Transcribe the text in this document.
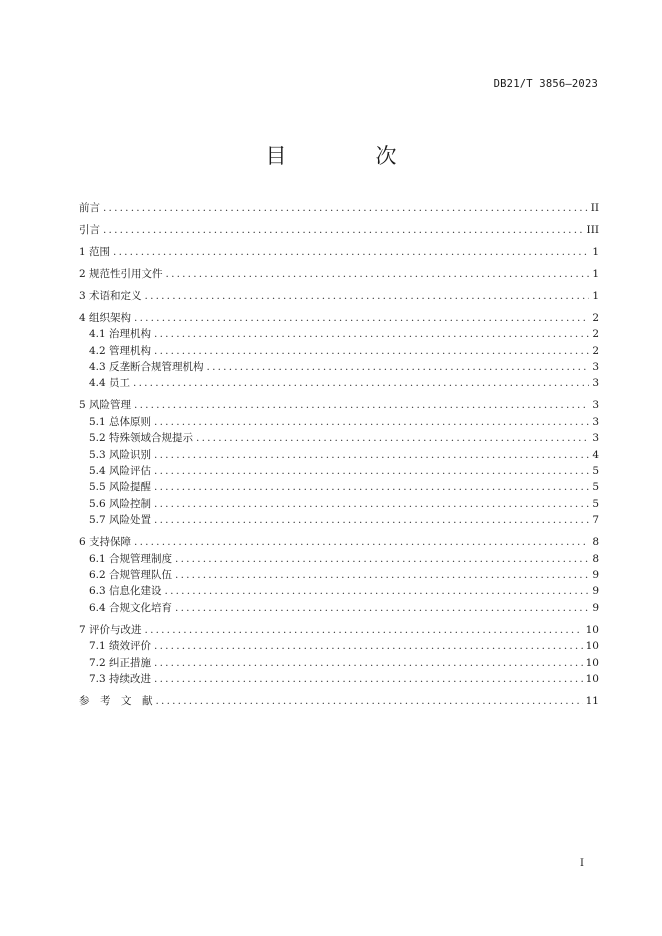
DB21/T 3856—2023
目　次
前言 .....	II
引言 .....	III
1 范围 .....	1
2 规范性引用文件 .....	1
3 术语和定义 .....	1
4 组织架构 .....	2
4.1 治理机构 .....	2
4.2 管理机构 .....	2
4.3 反垄断合规管理机构 .....	3
4.4 员工 .....	3
5 风险管理 .....	3
5.1 总体原则 .....	3
5.2 特殊领域合规提示 .....	3
5.3 风险识别 .....	4
5.4 风险评估 .....	5
5.5 风险提醒 .....	5
5.6 风险控制 .....	5
5.7 风险处置 .....	7
6 支持保障 .....	8
6.1 合规管理制度 .....	8
6.2 合规管理队伍 .....	9
6.3 信息化建设 .....	9
6.4 合规文化培育 .....	9
7 评价与改进 .....	10
7.1 绩效评价 .....	10
7.2 纠正措施 .....	10
7.3 持续改进 .....	10
参　考　文　献 .....	11
I
